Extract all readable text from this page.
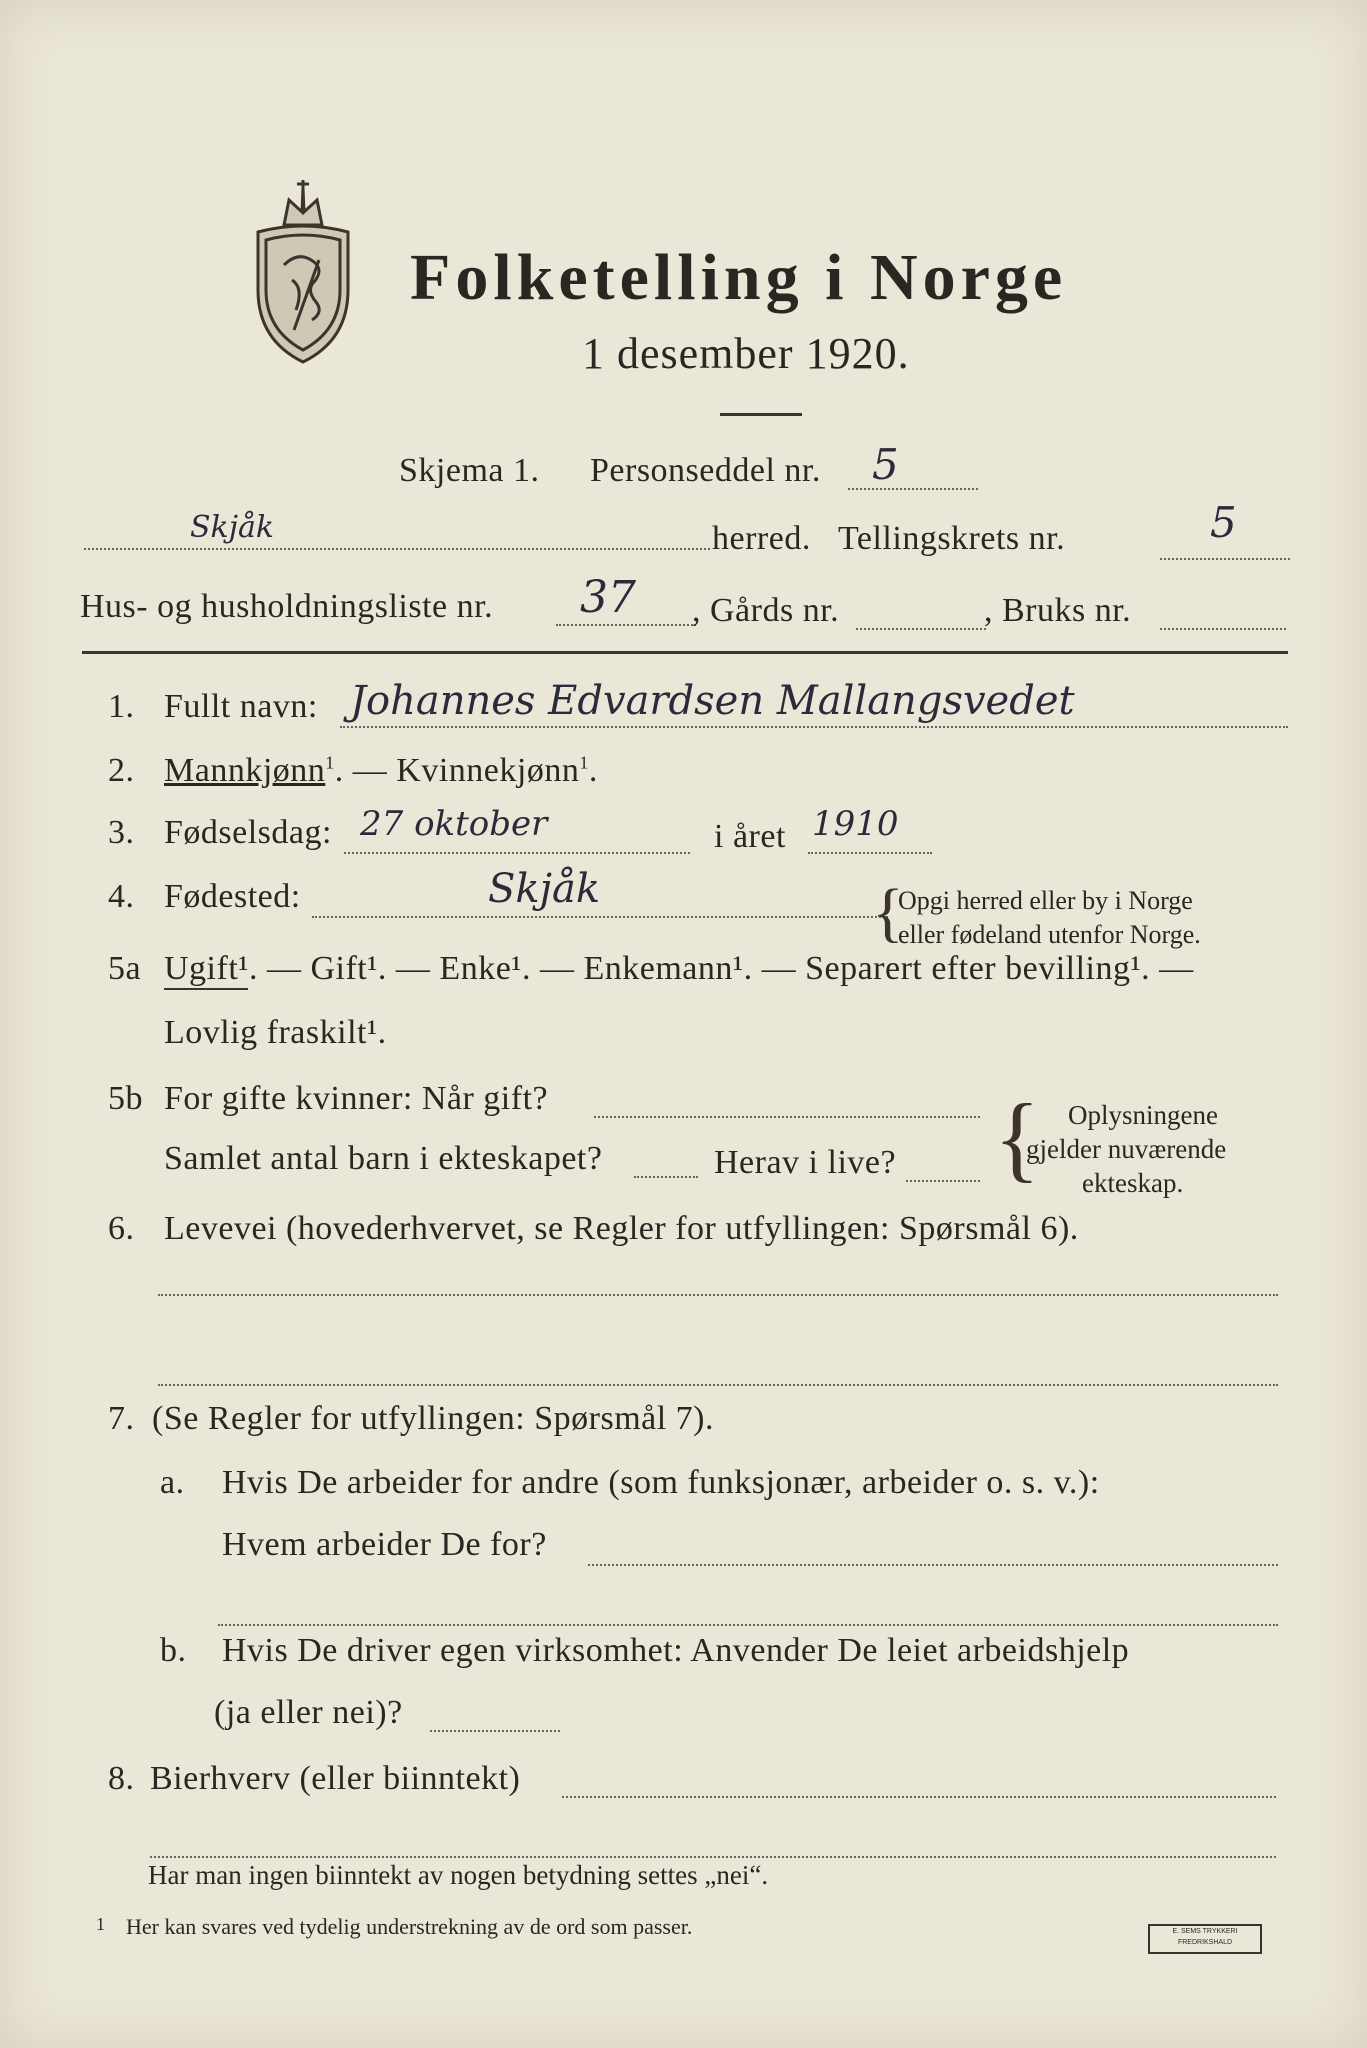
Folketelling i Norge
1 desember 1920.
Skjema 1. Personseddel nr. 5
Skjåk	herred. Tellingskrets nr.	5
Hus- og husholdningsliste nr. 37 , Gårds nr.	, Bruks nr.
1. Fullt navn: Johannes Edvardsen Mallangsvedet
2. Mannkjønn$^1$. — Kvinnekjønn$^1$.
3. Fødselsdag: 27 oktober	i året 1910
4. Fødested:	Skjåk	{
Opgi herred eller by i Norge
eller fødeland utenfor Norge.
5a Ugift¹. — Gift¹. — Enke¹. — Enkemann¹. — Separert efter bevilling¹. —
Lovlig fraskilt¹.
5b For gifte kvinner: Når gift?
Samlet antal barn i ekteskapet?	Herav i live? { Oplysningene
gjelder nuværende
ekteskap.
6. Levevei (hovederhvervet, se Regler for utfyllingen: Spørsmål 6).
7. (Se Regler for utfyllingen: Spørsmål 7).
a. Hvis De arbeider for andre (som funksjonær, arbeider o. s. v.):
Hvem arbeider De for?
b. Hvis De driver egen virksomhet: Anvender De leiet arbeidshjelp
(ja eller nei)?
8. Bierhverv (eller biinntekt)
Har man ingen biinntekt av nogen betydning settes „nei“.
1 Her kan svares ved tydelig understrekning av de ord som passer.	E. SEMS TRYKKERI FREDRIKSHALD
